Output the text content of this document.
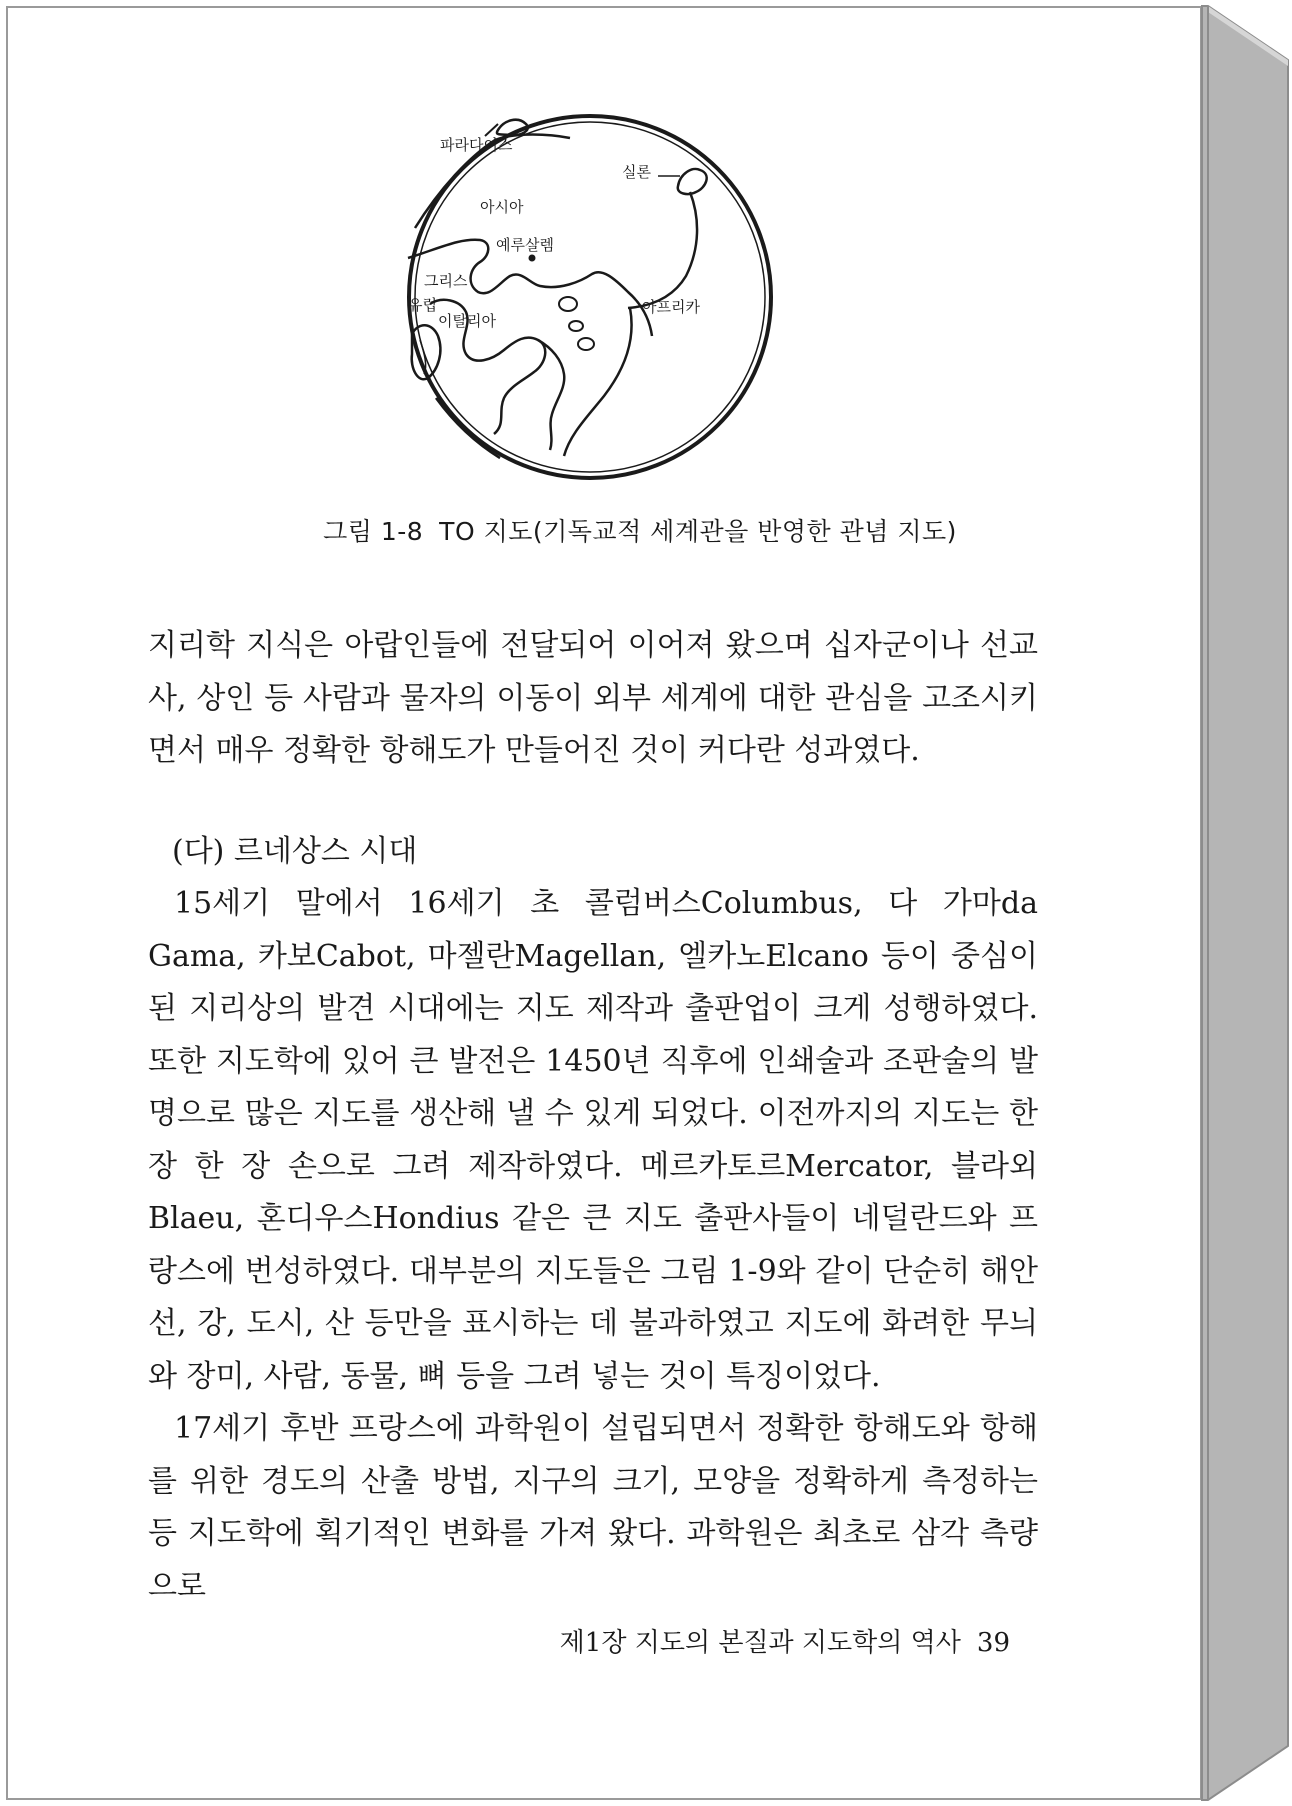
파라다이스
실론
아시아
예루살렘
그리스
유럽
이탈리아
아프리카
그림 1-8 TO 지도(기독교적 세계관을 반영한 관념 지도)
지리학 지식은 아랍인들에 전달되어 이어져 왔으며 십자군이나 선교사, 상인 등 사람과 물자의 이동이 외부 세계에 대한 관심을 고조시키면서 매우 정확한 항해도가 만들어진 것이 커다란 성과였다.
(다) 르네상스 시대
15세기 말에서 16세기 초 콜럼버스Columbus, 다 가마da Gama, 카보Cabot, 마젤란Magellan, 엘카노Elcano 등이 중심이 된 지리상의 발견 시대에는 지도 제작과 출판업이 크게 성행하였다. 또한 지도학에 있어 큰 발전은 1450년 직후에 인쇄술과 조판술의 발명으로 많은 지도를 생산해 낼 수 있게 되었다. 이전까지의 지도는 한 장 한 장 손으로 그려 제작하였다. 메르카토르Mercator, 블라외Blaeu, 혼디우스Hondius 같은 큰 지도 출판사들이 네덜란드와 프랑스에 번성하였다. 대부분의 지도들은 그림 1-9와 같이 단순히 해안선, 강, 도시, 산 등만을 표시하는 데 불과하였고 지도에 화려한 무늬와 장미, 사람, 동물, 뼈 등을 그려 넣는 것이 특징이었다.
17세기 후반 프랑스에 과학원이 설립되면서 정확한 항해도와 항해를 위한 경도의 산출 방법, 지구의 크기, 모양을 정확하게 측정하는 등 지도학에 획기적인 변화를 가져 왔다. 과학원은 최초로 삼각 측량으로
제1장 지도의 본질과 지도학의 역사 39
